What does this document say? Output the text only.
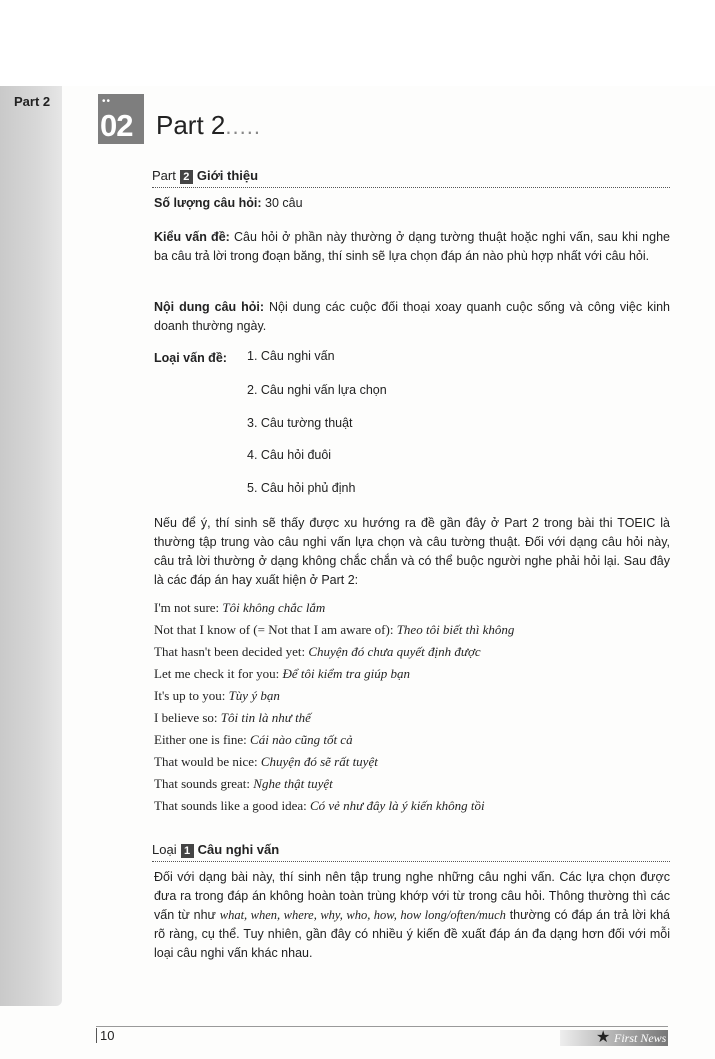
Part 2	••
02 Part 2.....
Part 2 Giới thiệu
Số lượng câu hỏi: 30 câu
Kiểu vấn đề: Câu hỏi ở phần này thường ở dạng tường thuật hoặc nghi vấn, sau khi nghe ba câu trả lời trong đoạn băng, thí sinh sẽ lựa chọn đáp án nào phù hợp nhất với câu hỏi.
Nội dung câu hỏi: Nội dung các cuộc đối thoại xoay quanh cuộc sống và công việc kinh doanh thường ngày.
Loại vấn đề:	1. Câu nghi vấn
2. Câu nghi vấn lựa chọn
3. Câu tường thuật
4. Câu hỏi đuôi
5. Câu hỏi phủ định
Nếu để ý, thí sinh sẽ thấy được xu hướng ra đề gần đây ở Part 2 trong bài thi TOEIC là thường tập trung vào câu nghi vấn lựa chọn và câu tường thuật. Đối với dạng câu hỏi này, câu trả lời thường ở dạng không chắc chắn và có thể buộc người nghe phải hỏi lại. Sau đây là các đáp án hay xuất hiện ở Part 2:
I'm not sure: Tôi không chắc lắm
Not that I know of (= Not that I am aware of): Theo tôi biết thì không
That hasn't been decided yet: Chuyện đó chưa quyết định được
Let me check it for you: Để tôi kiểm tra giúp bạn
It's up to you: Tùy ý bạn
I believe so: Tôi tin là như thế
Either one is fine: Cái nào cũng tốt cả
That would be nice: Chuyện đó sẽ rất tuyệt
That sounds great: Nghe thật tuyệt
That sounds like a good idea: Có vẻ như đây là ý kiến không tồi
Loại 1 Câu nghi vấn
Đối với dạng bài này, thí sinh nên tập trung nghe những câu nghi vấn. Các lựa chọn được đưa ra trong đáp án không hoàn toàn trùng khớp với từ trong câu hỏi. Thông thường thì các vấn từ như what, when, where, why, who, how, how long/often/much thường có đáp án trả lời khá rõ ràng, cụ thể. Tuy nhiên, gần đây có nhiều ý kiến đề xuất đáp án đa dạng hơn đối với mỗi loại câu nghi vấn khác nhau.
10	★ First News
